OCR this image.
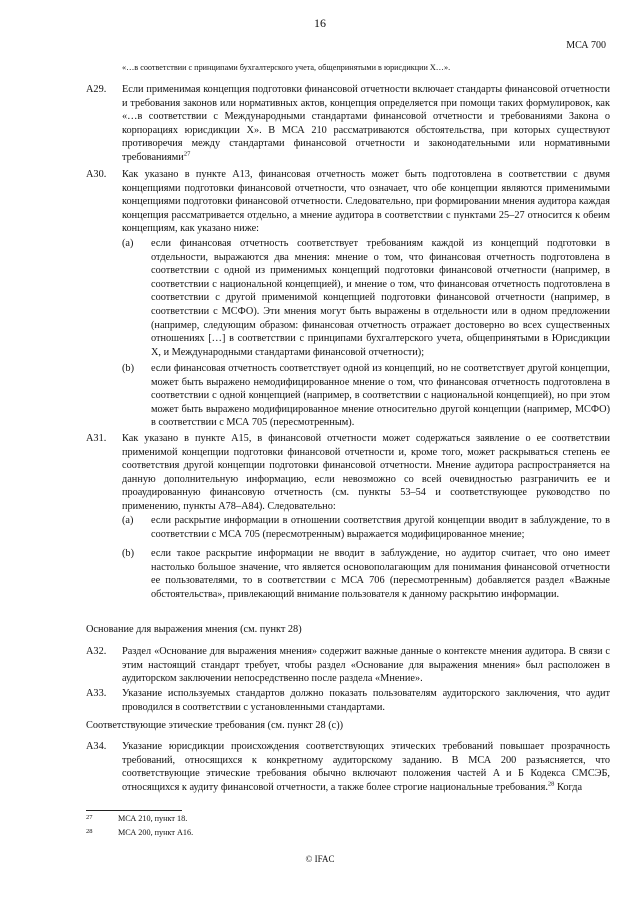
16
МСА 700
«…в соответствии с принципами бухгалтерского учета, общепринятыми в юрисдикции X…».
A29. Если применимая концепция подготовки финансовой отчетности включает стандарты финансовой отчетности и требования законов или нормативных актов, концепция определяется при помощи таких формулировок, как «…в соответствии с Международными стандартами финансовой отчетности и требованиями Закона о корпорациях юрисдикции X». В МСА 210 рассматриваются обстоятельства, при которых существуют противоречия между стандартами финансовой отчетности и законодательными или нормативными требованиями$^{27}$
A30. Как указано в пункте A13, финансовая отчетность может быть подготовлена в соответствии с двумя концепциями подготовки финансовой отчетности, что означает, что обе концепции являются применимыми концепциями подготовки финансовой отчетности. Следовательно, при формировании мнения аудитора каждая концепция рассматривается отдельно, а мнение аудитора в соответствии с пунктами 25–27 относится к обеим концепциям, как указано ниже:
(a) если финансовая отчетность соответствует требованиям каждой из концепций подготовки в отдельности, выражаются два мнения: мнение о том, что финансовая отчетность подготовлена в соответствии с одной из применимых концепций подготовки финансовой отчетности (например, в соответствии с национальной концепцией), и мнение о том, что финансовая отчетность подготовлена в соответствии с другой применимой концепцией подготовки финансовой отчетности (например, в соответствии с МСФО). Эти мнения могут быть выражены в отдельности или в одном предложении (например, следующим образом: финансовая отчетность отражает достоверно во всех существенных отношениях […] в соответствии с принципами бухгалтерского учета, общепринятыми в Юрисдикции X, и Международными стандартами финансовой отчетности);
(b) если финансовая отчетность соответствует одной из концепций, но не соответствует другой концепции, может быть выражено немодифицированное мнение о том, что финансовая отчетность подготовлена в соответствии с одной концепцией (например, в соответствии с национальной концепцией), но при этом может быть выражено модифицированное мнение относительно другой концепции (например, МСФО) в соответствии с МСА 705 (пересмотренным).
A31. Как указано в пункте A15, в финансовой отчетности может содержаться заявление о ее соответствии применимой концепции подготовки финансовой отчетности и, кроме того, может раскрываться степень ее соответствия другой концепции подготовки финансовой отчетности. Мнение аудитора распространяется на данную дополнительную информацию, если невозможно со всей очевидностью разграничить ее и проаудированную финансовую отчетность (см. пункты 53–54 и соответствующее руководство по применению, пункты A78–A84). Следовательно:
(a) если раскрытие информации в отношении соответствия другой концепции вводит в заблуждение, то в соответствии с МСА 705 (пересмотренным) выражается модифицированное мнение;
(b) если такое раскрытие информации не вводит в заблуждение, но аудитор считает, что оно имеет настолько большое значение, что является основополагающим для понимания финансовой отчетности ее пользователями, то в соответствии с МСА 706 (пересмотренным) добавляется раздел «Важные обстоятельства», привлекающий внимание пользователя к данному раскрытию информации.
Основание для выражения мнения (см. пункт 28)
A32. Раздел «Основание для выражения мнения» содержит важные данные о контексте мнения аудитора. В связи с этим настоящий стандарт требует, чтобы раздел «Основание для выражения мнения» был расположен в аудиторском заключении непосредственно после раздела «Мнение».
A33. Указание используемых стандартов должно показать пользователям аудиторского заключения, что аудит проводился в соответствии с установленными стандартами.
Соответствующие этические требования (см. пункт 28 (c))
A34. Указание юрисдикции происхождения соответствующих этических требований повышает прозрачность требований, относящихся к конкретному аудиторскому заданию. В МСА 200 разъясняется, что соответствующие этические требования обычно включают положения частей A и Б Кодекса СМСЭБ, относящихся к аудиту финансовой отчетности, а также более строгие национальные требования.$^{28}$ Когда
27	МСА 210, пункт 18.
28	МСА 200, пункт A16.
© IFAC
